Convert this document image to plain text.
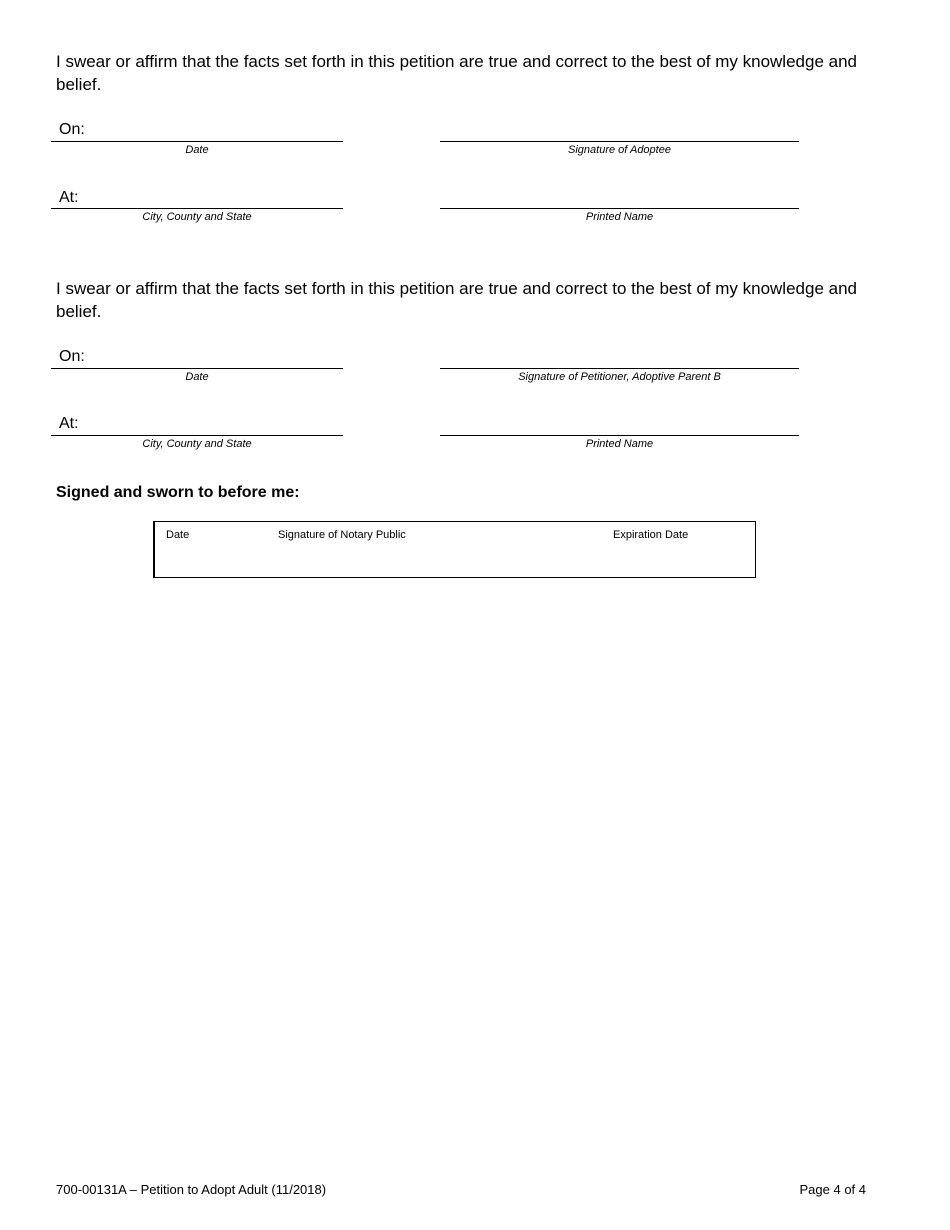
I swear or affirm that the facts set forth in this petition are true and correct to the best of my knowledge and belief.
On:
Date	Signature of Adoptee
At:
City, County and State	Printed Name
I swear or affirm that the facts set forth in this petition are true and correct to the best of my knowledge and belief.
On:
Date	Signature of Petitioner, Adoptive Parent B
At:
City, County and State	Printed Name
Signed and sworn to before me:
Date	Signature of Notary Public	Expiration Date
700-00131A – Petition to Adopt Adult (11/2018)	Page 4 of 4
